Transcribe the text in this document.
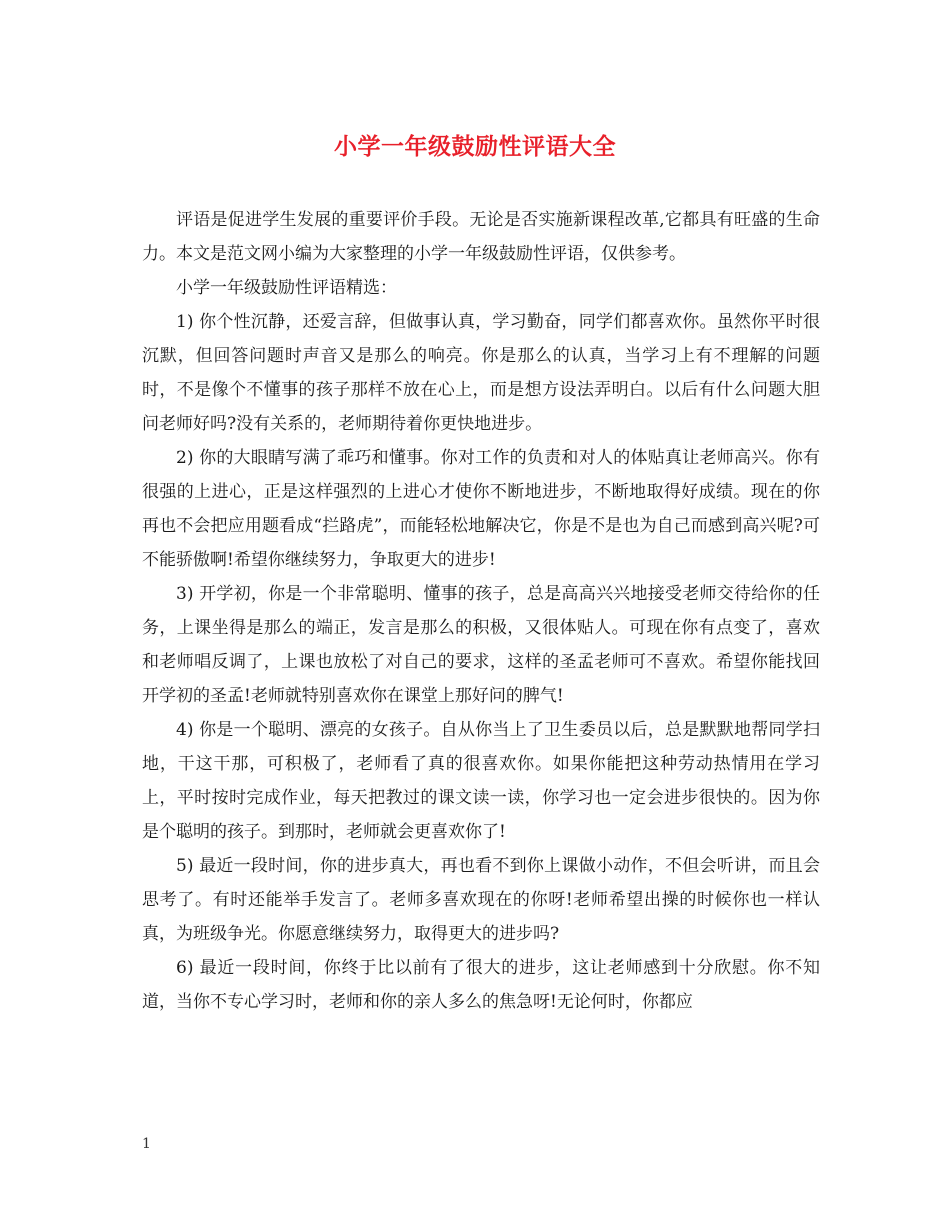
小学一年级鼓励性评语大全

评语是促进学生发展的重要评价手段。无论是否实施新课程改革,它都具有旺盛的生命力。本文是范文网小编为大家整理的小学一年级鼓励性评语，仅供参考。

小学一年级鼓励性评语精选：

1) 你个性沉静，还爱言辞，但做事认真，学习勤奋，同学们都喜欢你。虽然你平时很沉默，但回答问题时声音又是那么的响亮。你是那么的认真，当学习上有不理解的问题时，不是像个不懂事的孩子那样不放在心上，而是想方设法弄明白。以后有什么问题大胆问老师好吗?没有关系的，老师期待着你更快地进步。

2) 你的大眼睛写满了乖巧和懂事。你对工作的负责和对人的体贴真让老师高兴。你有很强的上进心，正是这样强烈的上进心才使你不断地进步，不断地取得好成绩。现在的你再也不会把应用题看成“拦路虎”，而能轻松地解决它，你是不是也为自己而感到高兴呢?可不能骄傲啊!希望你继续努力，争取更大的进步!

3) 开学初，你是一个非常聪明、懂事的孩子，总是高高兴兴地接受老师交待给你的任务，上课坐得是那么的端正，发言是那么的积极，又很体贴人。可现在你有点变了，喜欢和老师唱反调了，上课也放松了对自己的要求，这样的圣孟老师可不喜欢。希望你能找回开学初的圣孟!老师就特别喜欢你在课堂上那好问的脾气!

4) 你是一个聪明、漂亮的女孩子。自从你当上了卫生委员以后，总是默默地帮同学扫地，干这干那，可积极了，老师看了真的很喜欢你。如果你能把这种劳动热情用在学习上，平时按时完成作业，每天把教过的课文读一读，你学习也一定会进步很快的。因为你是个聪明的孩子。到那时，老师就会更喜欢你了!

5) 最近一段时间，你的进步真大，再也看不到你上课做小动作，不但会听讲，而且会思考了。有时还能举手发言了。老师多喜欢现在的你呀!老师希望出操的时候你也一样认真，为班级争光。你愿意继续努力，取得更大的进步吗?

6) 最近一段时间，你终于比以前有了很大的进步，这让老师感到十分欣慰。你不知道，当你不专心学习时，老师和你的亲人多么的焦急呀!无论何时，你都应

1
